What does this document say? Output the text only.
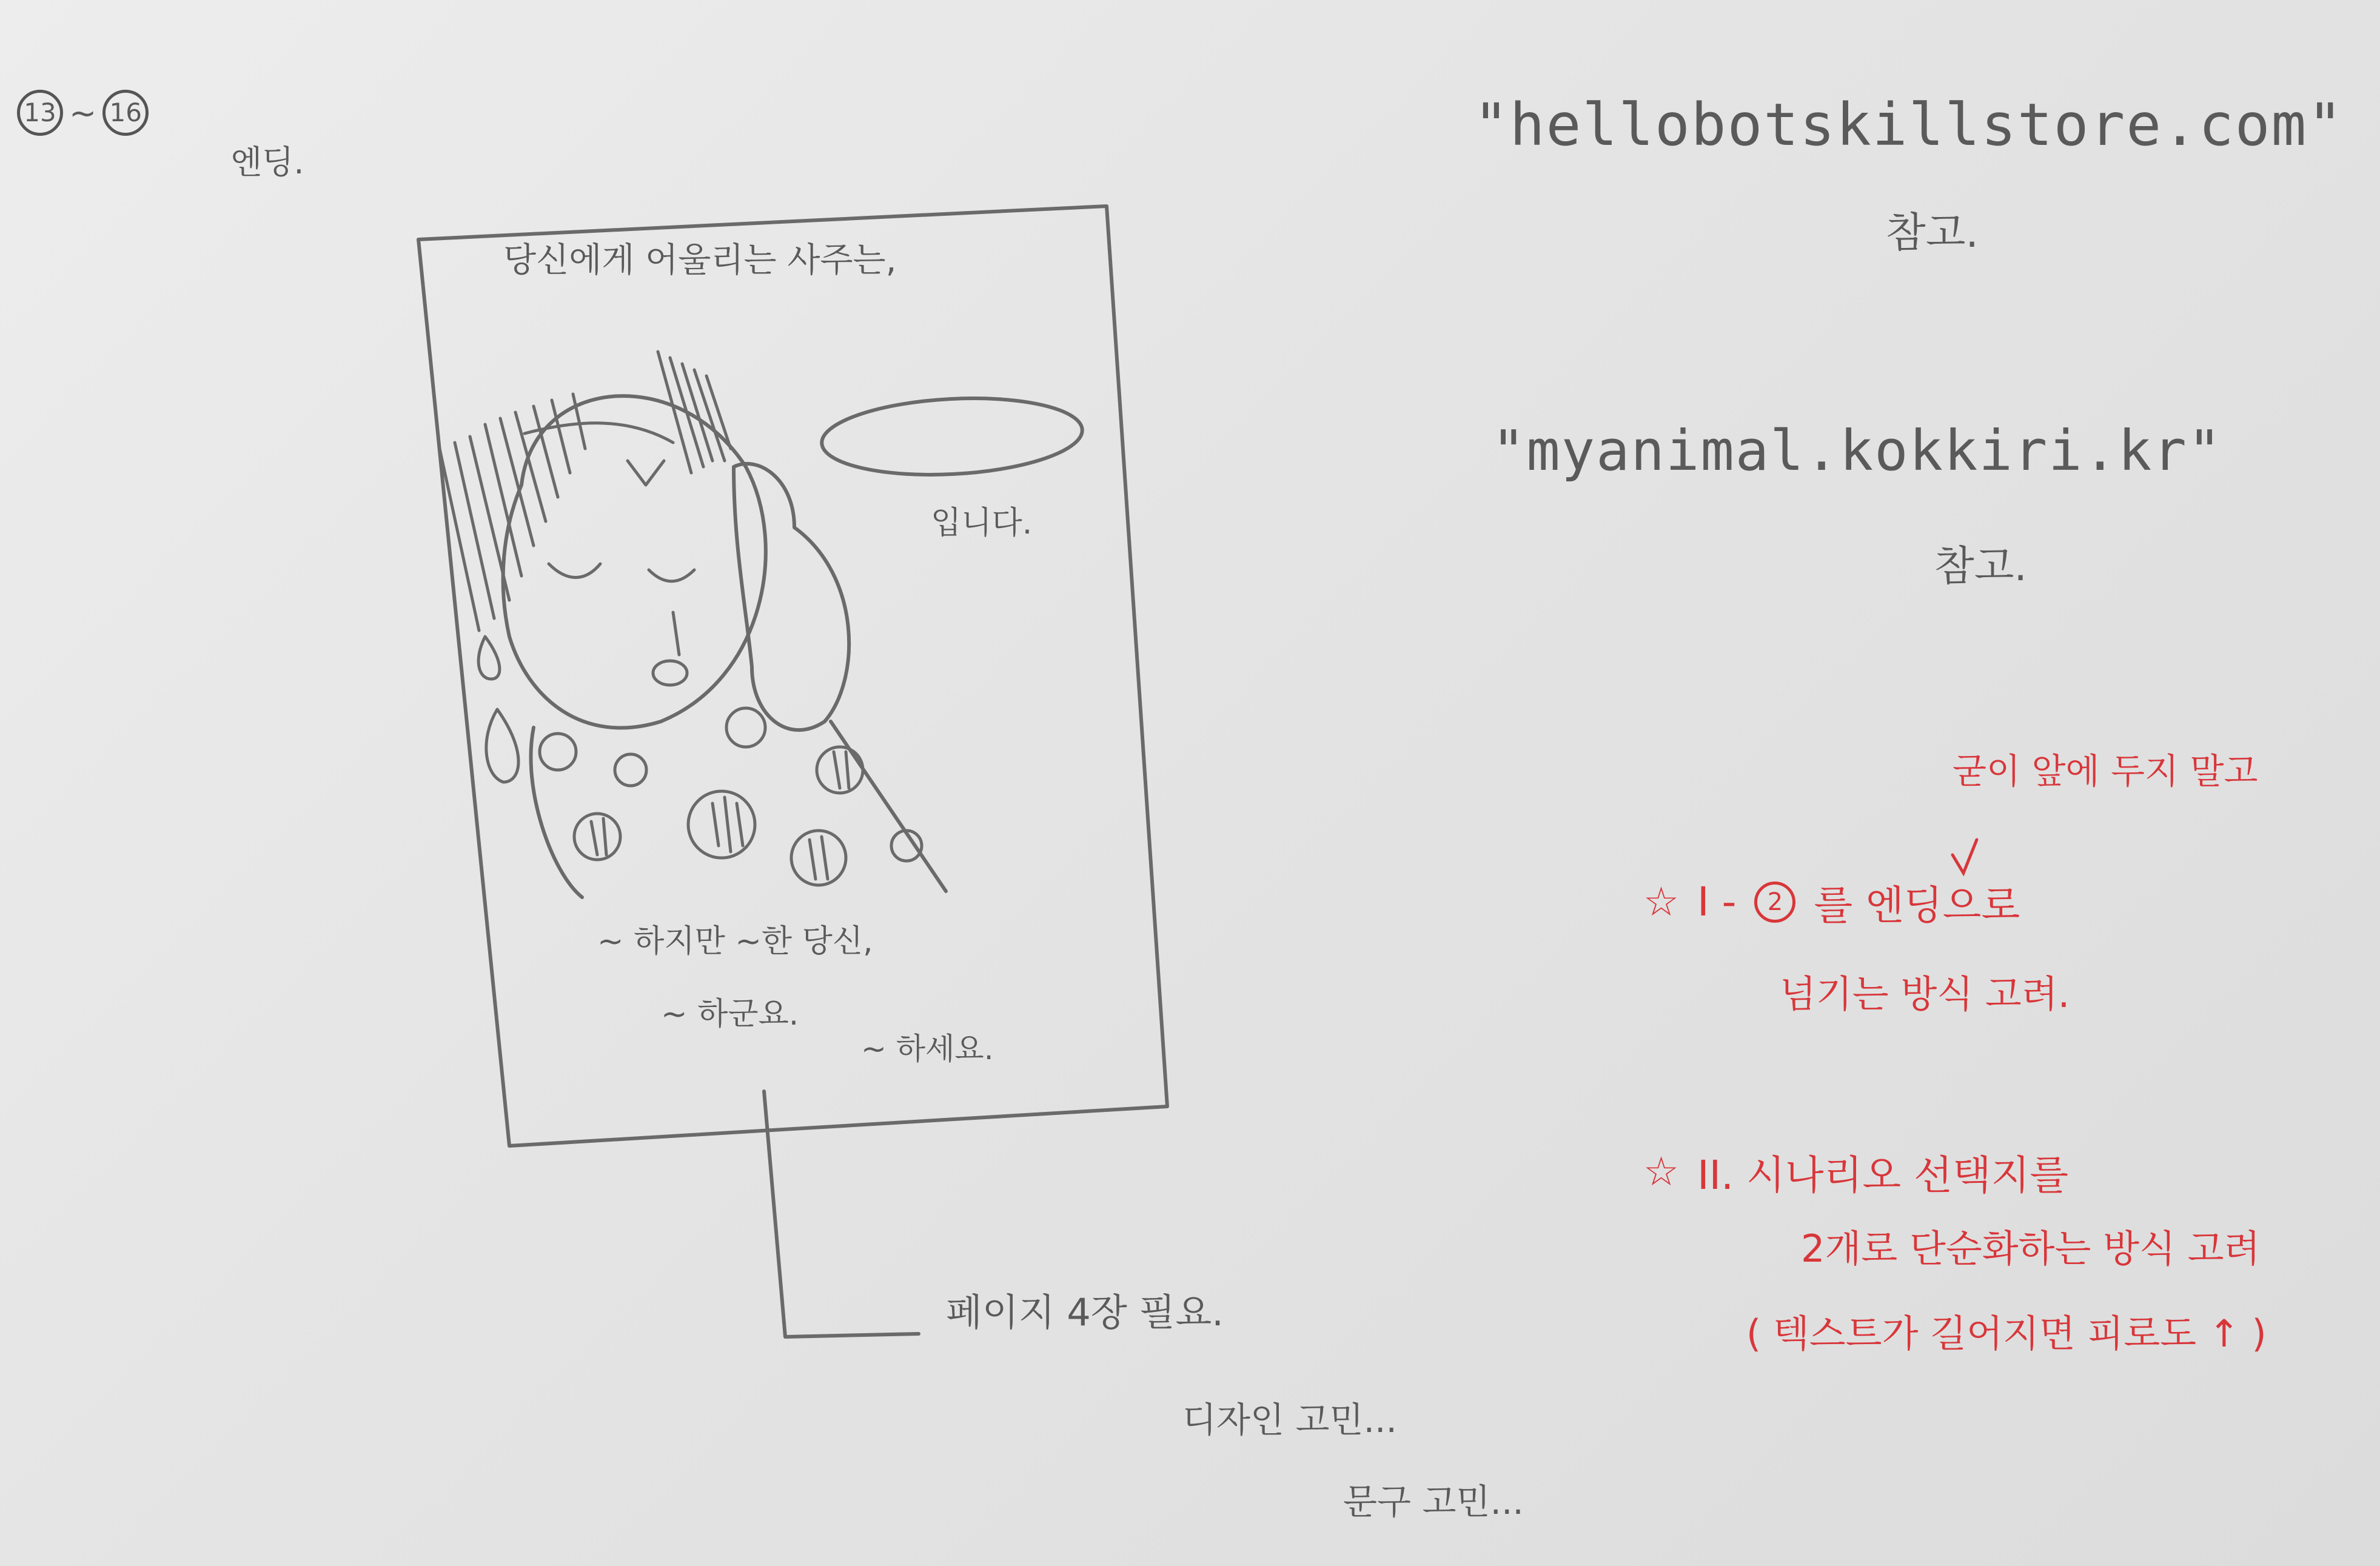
13 ~ 16
엔딩.
당신에게 어울리는 사주는,
입니다.
~ 하지만 ~한 당신,
~ 하군요.
~ 하세요.
페이지 4장 필요.
디자인 고민...
문구 고민...
"hellobotskillstore.com"
참고.
"myanimal.kokkiri.kr"
참고.
굳이 앞에 두지 말고
☆ I -	2 를 엔딩으로
넘기는 방식 고려.
☆ II. 시나리오 선택지를
2개로 단순화하는 방식 고려
( 텍스트가 길어지면 피로도 ↑ )
